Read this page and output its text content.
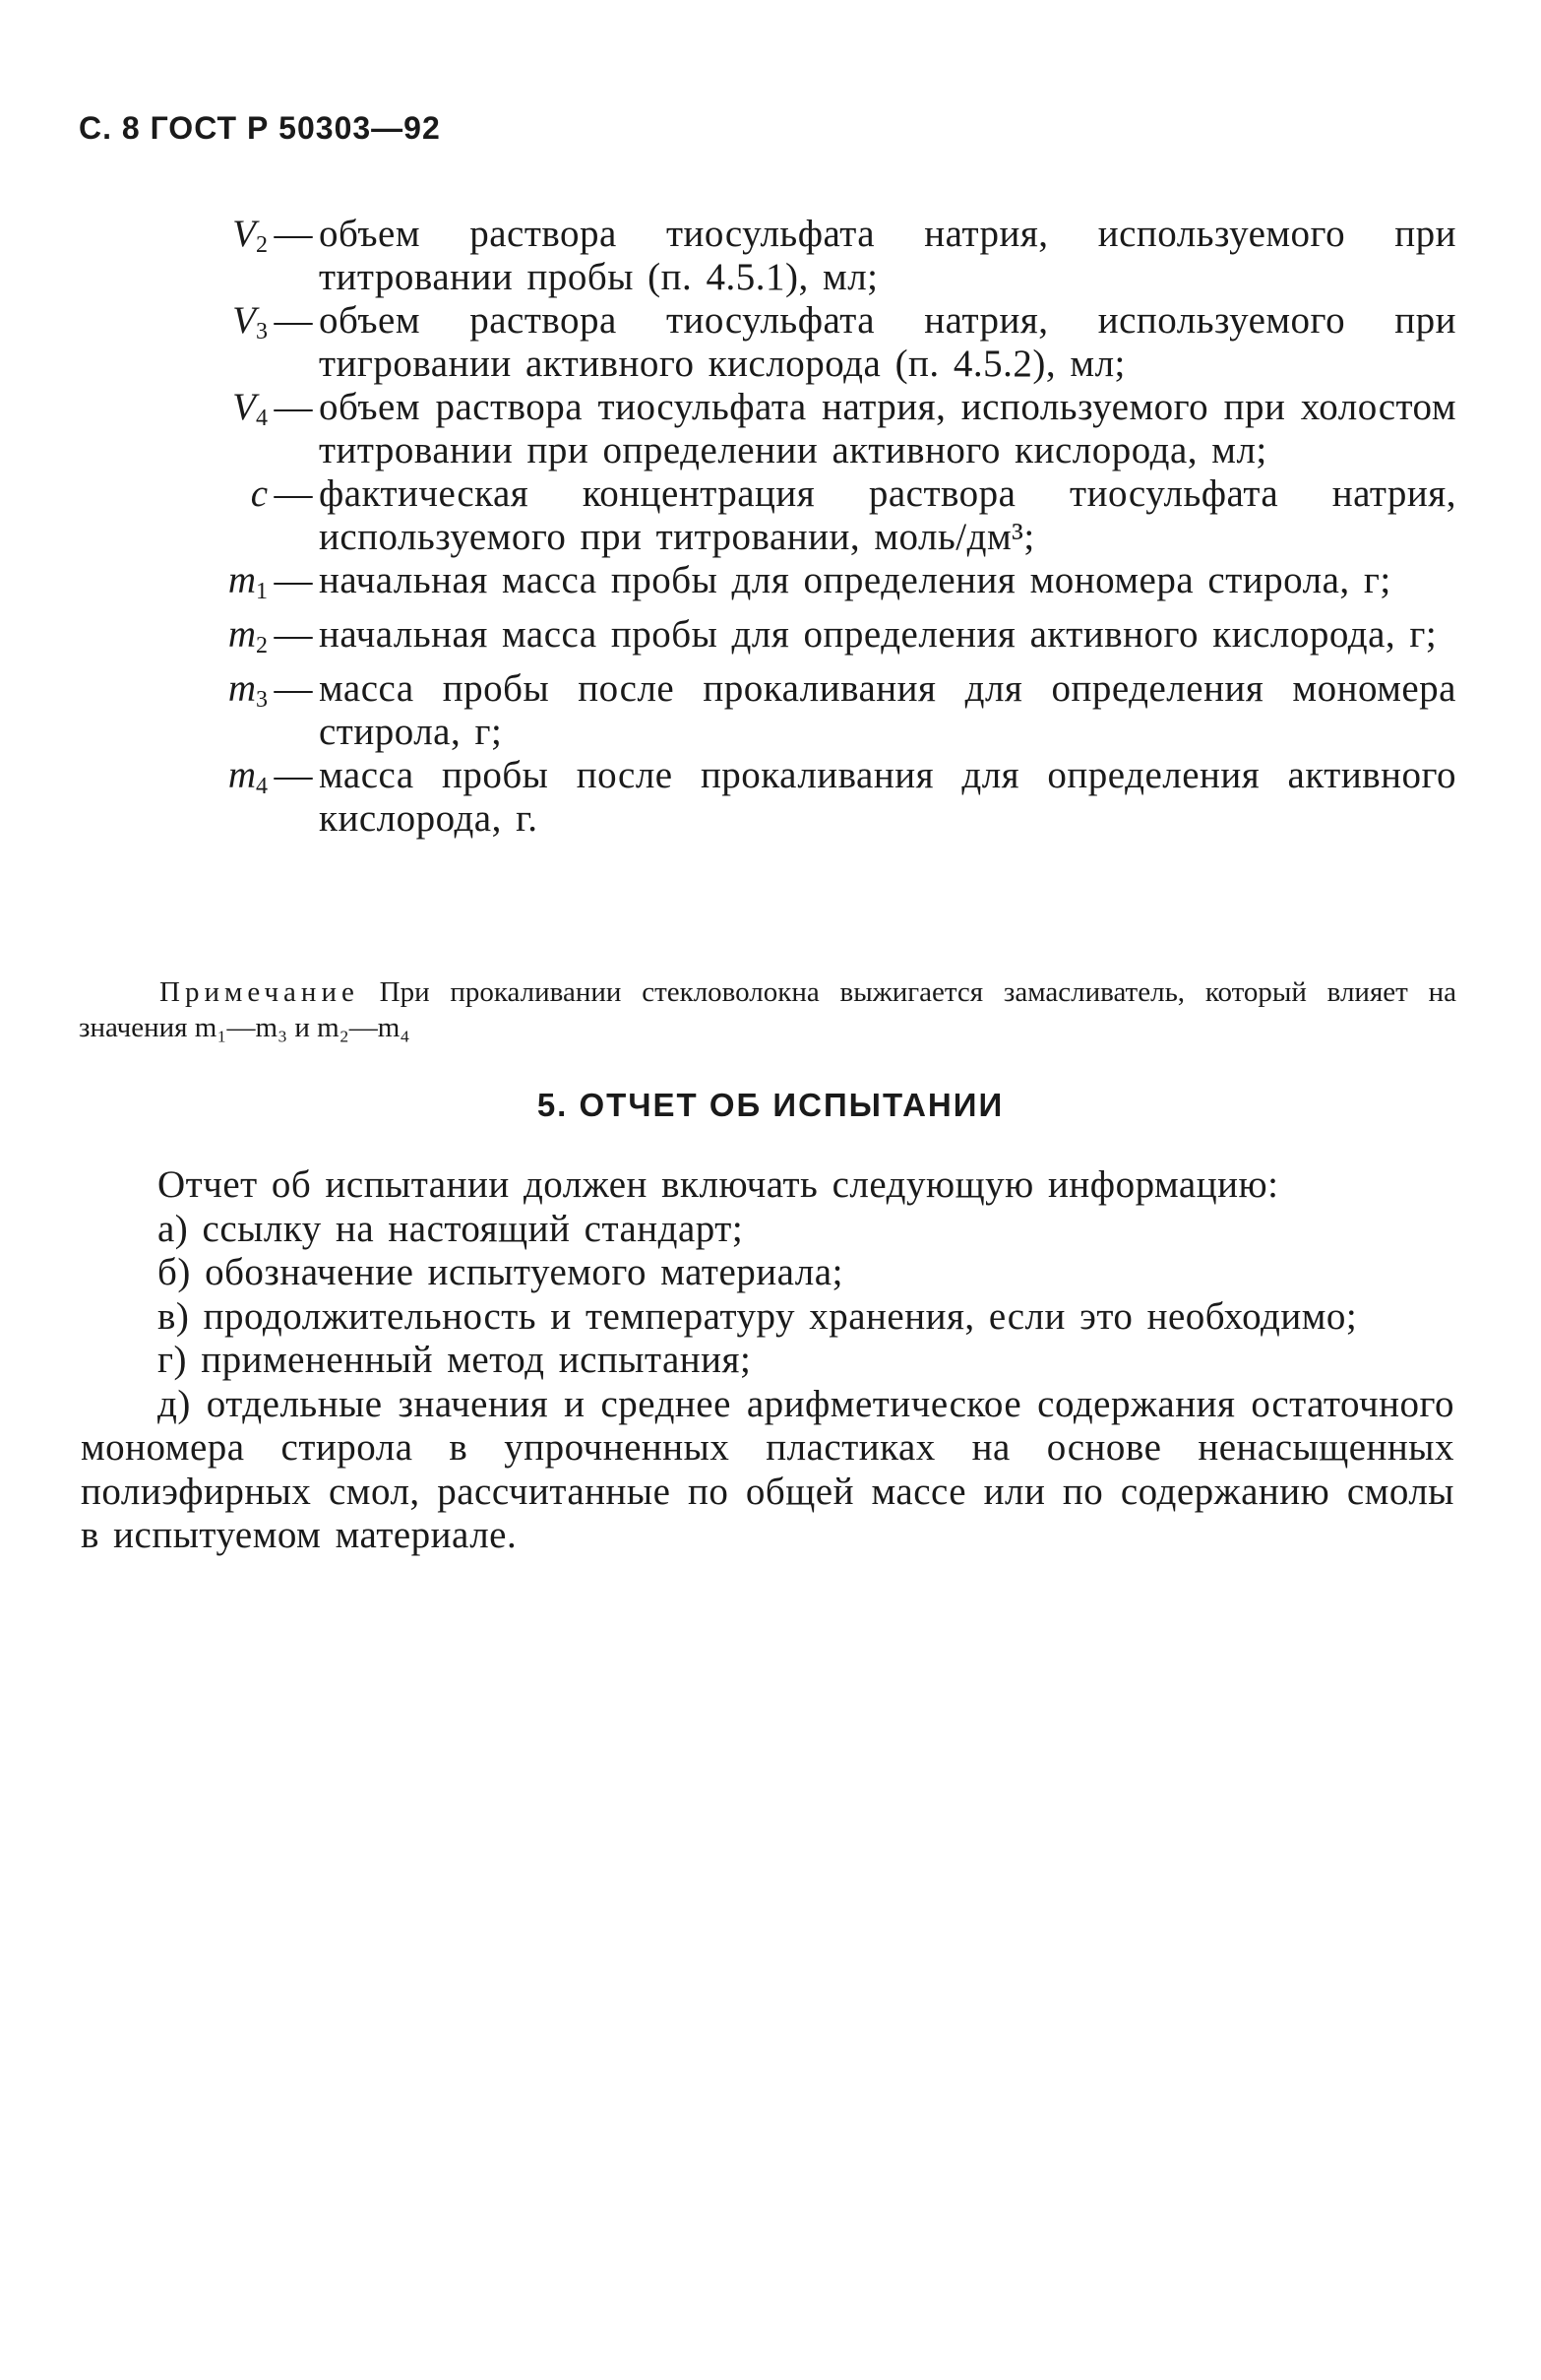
С. 8 ГОСТ Р 50303—92
$V_2$ — объем раствора тиосульфата натрия, используемого при титровании пробы (п. 4.5.1), мл;
$V_3$ — объем раствора тиосульфата натрия, используемого при тигровании активного кислорода (п. 4.5.2), мл;
$V_4$ — объем раствора тиосульфата натрия, используемого при холостом титровании при определении активного кислорода, мл;
c — фактическая концентрация раствора тиосульфата натрия, используемого при титровании, моль/дм³;
$m_1$ — начальная масса пробы для определения мономера стирола, г;
$m_2$ — начальная масса пробы для определения активного кислорода, г;
$m_3$ — масса пробы после прокаливания для определения мономера стирола, г;
$m_4$ — масса пробы после прокаливания для определения активного кислорода, г.
Примечание При прокаливании стекловолокна выжигается замасливатель, который влияет на значения m₁—m₃ и m₂—m₄
5. ОТЧЕТ ОБ ИСПЫТАНИИ

Отчет об испытании должен включать следующую информацию:

а) ссылку на настоящий стандарт;

б) обозначение испытуемого материала;

в) продолжительность и температуру хранения, если это необходимо;

г) примененный метод испытания;

д) отдельные значения и среднее арифметическое содержания остаточного мономера стирола в упрочненных пластиках на основе ненасыщенных полиэфирных смол, рассчитанные по общей массе или по содержанию смолы в испытуемом материале.
